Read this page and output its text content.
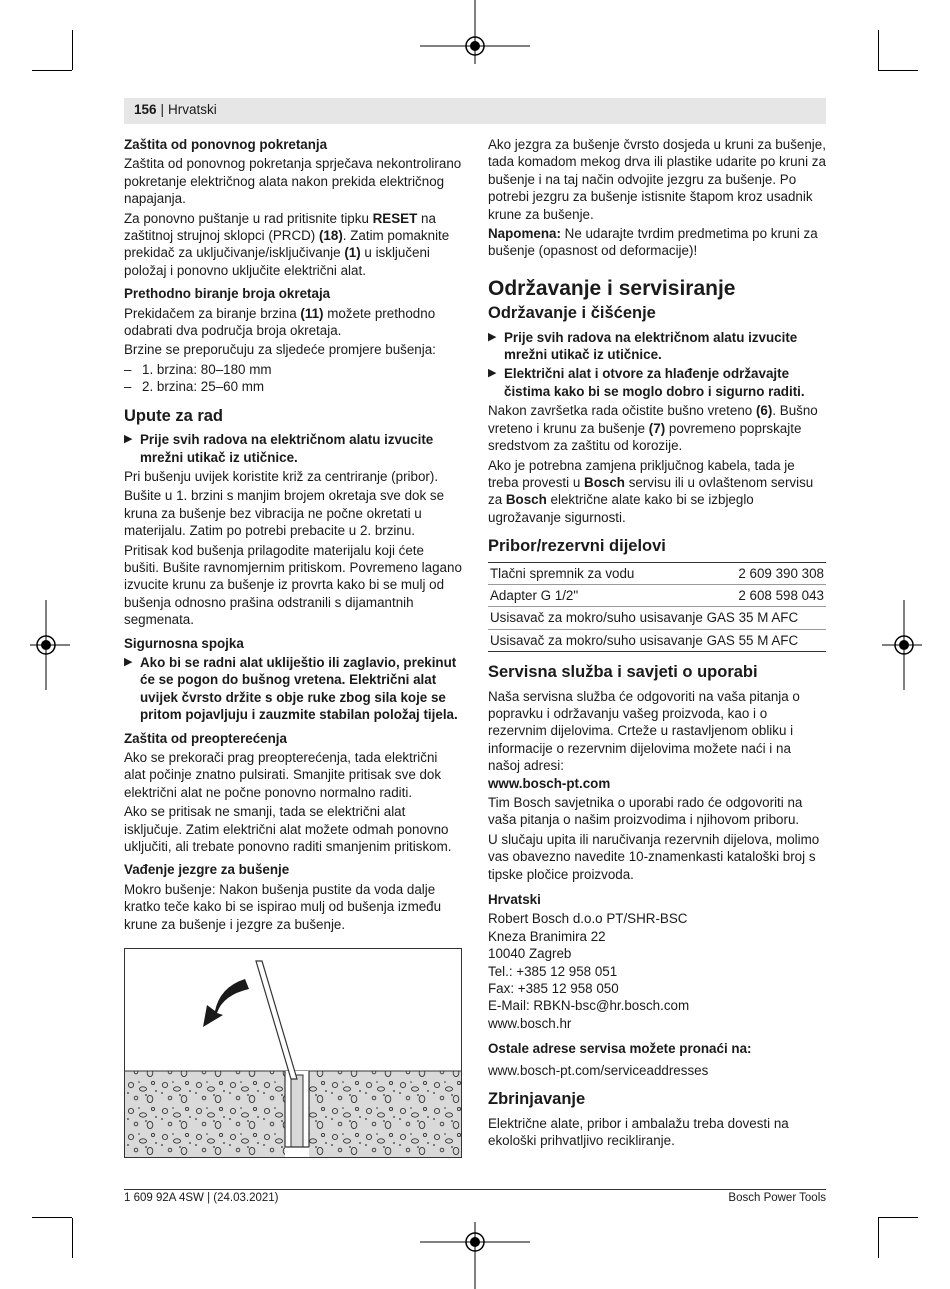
156 | Hrvatski
Zaštita od ponovnog pokretanja

Zaštita od ponovnog pokretanja sprječava nekontrolirano pokretanje električnog alata nakon prekida električnog napajanja.

Za ponovno puštanje u rad pritisnite tipku RESET na zaštitnoj strujnoj sklopci (PRCD) (18). Zatim pomaknite prekidač za uključivanje/isključivanje (1) u isključeni položaj i ponovno uključite električni alat.

Prethodno biranje broja okretaja

Prekidačem za biranje brzina (11) možete prethodno odabrati dva područja broja okretaja.

Brzine se preporučuju za sljedeće promjere bušenja:

– 1. brzina: 80–180 mm
– 2. brzina: 25–60 mm
Upute za rad
▶ Prije svih radova na električnom alatu izvucite mrežni utikač iz utičnice.

Pri bušenju uvijek koristite križ za centriranje (pribor).

Bušite u 1. brzini s manjim brojem okretaja sve dok se kruna za bušenje bez vibracija ne počne okretati u materijalu. Zatim po potrebi prebacite u 2. brzinu.

Pritisak kod bušenja prilagodite materijalu koji ćete bušiti. Bušite ravnomjernim pritiskom. Povremeno lagano izvucite krunu za bušenje iz provrta kako bi se mulj od bušenja odnosno prašina odstranili s dijamantnih segmenata.

Sigurnosna spojka
▶ Ako bi se radni alat ukliještio ili zaglavio, prekinut će se pogon do bušnog vretena. Električni alat uvijek čvrsto držite s obje ruke zbog sila koje se pritom pojavljuju i zauzmite stabilan položaj tijela.
Zaštita od preopterećenja

Ako se prekorači prag preopterećenja, tada električni alat počinje znatno pulsirati. Smanjite pritisak sve dok električni alat ne počne ponovno normalno raditi.

Ako se pritisak ne smanji, tada se električni alat isključuje. Zatim električni alat možete odmah ponovno uključiti, ali trebate ponovno raditi smanjenim pritiskom.

Vađenje jezgre za bušenje

Mokro bušenje: Nakon bušenja pustite da voda dalje kratko teče kako bi se ispirao mulj od bušenja između krune za bušenje i jezgre za bušenje.

Ako jezgra za bušenje čvrsto dosjeda u kruni za bušenje, tada komadom mekog drva ili plastike udarite po kruni za bušenje i na taj način odvojite jezgru za bušenje. Po potrebi jezgru za bušenje istisnite štapom kroz usadnik krune za bušenje.

Napomena: Ne udarajte tvrdim predmetima po kruni za bušenje (opasnost od deformacije)!

Održavanje i servisiranje
Održavanje i čišćenje
▶ Prije svih radova na električnom alatu izvucite mrežni utikač iz utičnice.
▶ Električni alat i otvore za hlađenje održavajte čistima kako bi se moglo dobro i sigurno raditi.

Nakon završetka rada očistite bušno vreteno (6). Bušno vreteno i krunu za bušenje (7) povremeno poprskajte sredstvom za zaštitu od korozije.

Ako je potrebna zamjena priključnog kabela, tada je treba provesti u Bosch servisu ili u ovlaštenom servisu za Bosch električne alate kako bi se izbjeglo ugrožavanje sigurnosti.

Pribor/rezervni dijelovi
Tlačni spremnik za vodu	2 609 390 308
Adapter G 1/2"	2 608 598 043
Usisavač za mokro/suho usisavanje GAS 35 M AFC	
Usisavač za mokro/suho usisavanje GAS 55 M AFC	
Servisna služba i savjeti o uporabi

Naša servisna služba će odgovoriti na vaša pitanja o popravku i održavanju vašeg proizvoda, kao i o rezervnim dijelovima. Crteže u rastavljenom obliku i informacije o rezervnim dijelovima možete naći i na našoj adresi:

www.bosch-pt.com

Tim Bosch savjetnika o uporabi rado će odgovoriti na vaša pitanja o našim proizvodima i njihovom priboru.

U slučaju upita ili naručivanja rezervnih dijelova, molimo vas obavezno navedite 10-znamenkasti kataloški broj s tipske pločice proizvoda.

Hrvatski
Robert Bosch d.o.o PT/SHR-BSC
Kneza Branimira 22
10040 Zagreb
Tel.: +385 12 958 051
Fax: +385 12 958 050
E-Mail: RBKN-bsc@hr.bosch.com
www.bosch.hr
Ostale adrese servisa možete pronaći na:

www.bosch-pt.com/serviceaddresses

Zbrinjavanje

Električne alate, pribor i ambalažu treba dovesti na ekološki prihvatljivo recikliranje.

1 609 92A 4SW | (24.03.2021)	Bosch Power Tools
